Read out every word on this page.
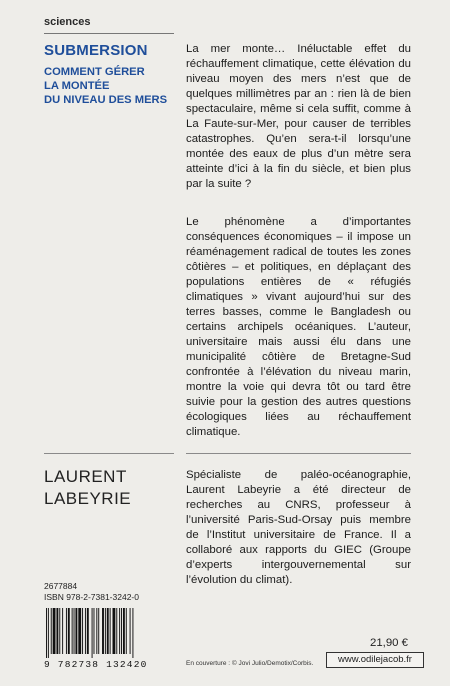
sciences
SUBMERSION
COMMENT GÉRER
LA MONTÉE
DU NIVEAU DES MERS
La mer monte… Inéluctable effet du réchauffement climatique, cette élévation du niveau moyen des mers n’est que de quelques millimètres par an : rien là de bien spectaculaire, même si cela suffit, comme à La Faute-sur-Mer, pour causer de terribles catastrophes. Qu’en sera-t-il lorsqu’une montée des eaux de plus d’un mètre sera atteinte d’ici à la fin du siècle, et bien plus par la suite ?
Le phénomène a d’importantes conséquences économiques – il impose un réaménagement radical de toutes les zones côtières – et politiques, en déplaçant des populations entières de « réfugiés climatiques » vivant aujourd’hui sur des terres basses, comme le Bangladesh ou certains archipels océaniques. L’auteur, universitaire mais aussi élu dans une municipalité côtière de Bretagne-Sud confrontée à l’élévation du niveau marin, montre la voie qui devra tôt ou tard être suivie pour la gestion des autres questions écologiques liées au réchauffement climatique.
LAURENT
LABEYRIE
Spécialiste de paléo-océanographie, Laurent Labeyrie a été directeur de recherches au CNRS, professeur à l’université Paris-Sud-Orsay puis membre de l’Institut universitaire de France. Il a collaboré aux rapports du GIEC (Groupe d’experts intergouvernemental sur l’évolution du climat).
2677884
ISBN 978-2-7381-3242-0
9 782738 132420	En couverture : © Jovi Julio/Demotix/Corbis.
21,90 €
www.odilejacob.fr
